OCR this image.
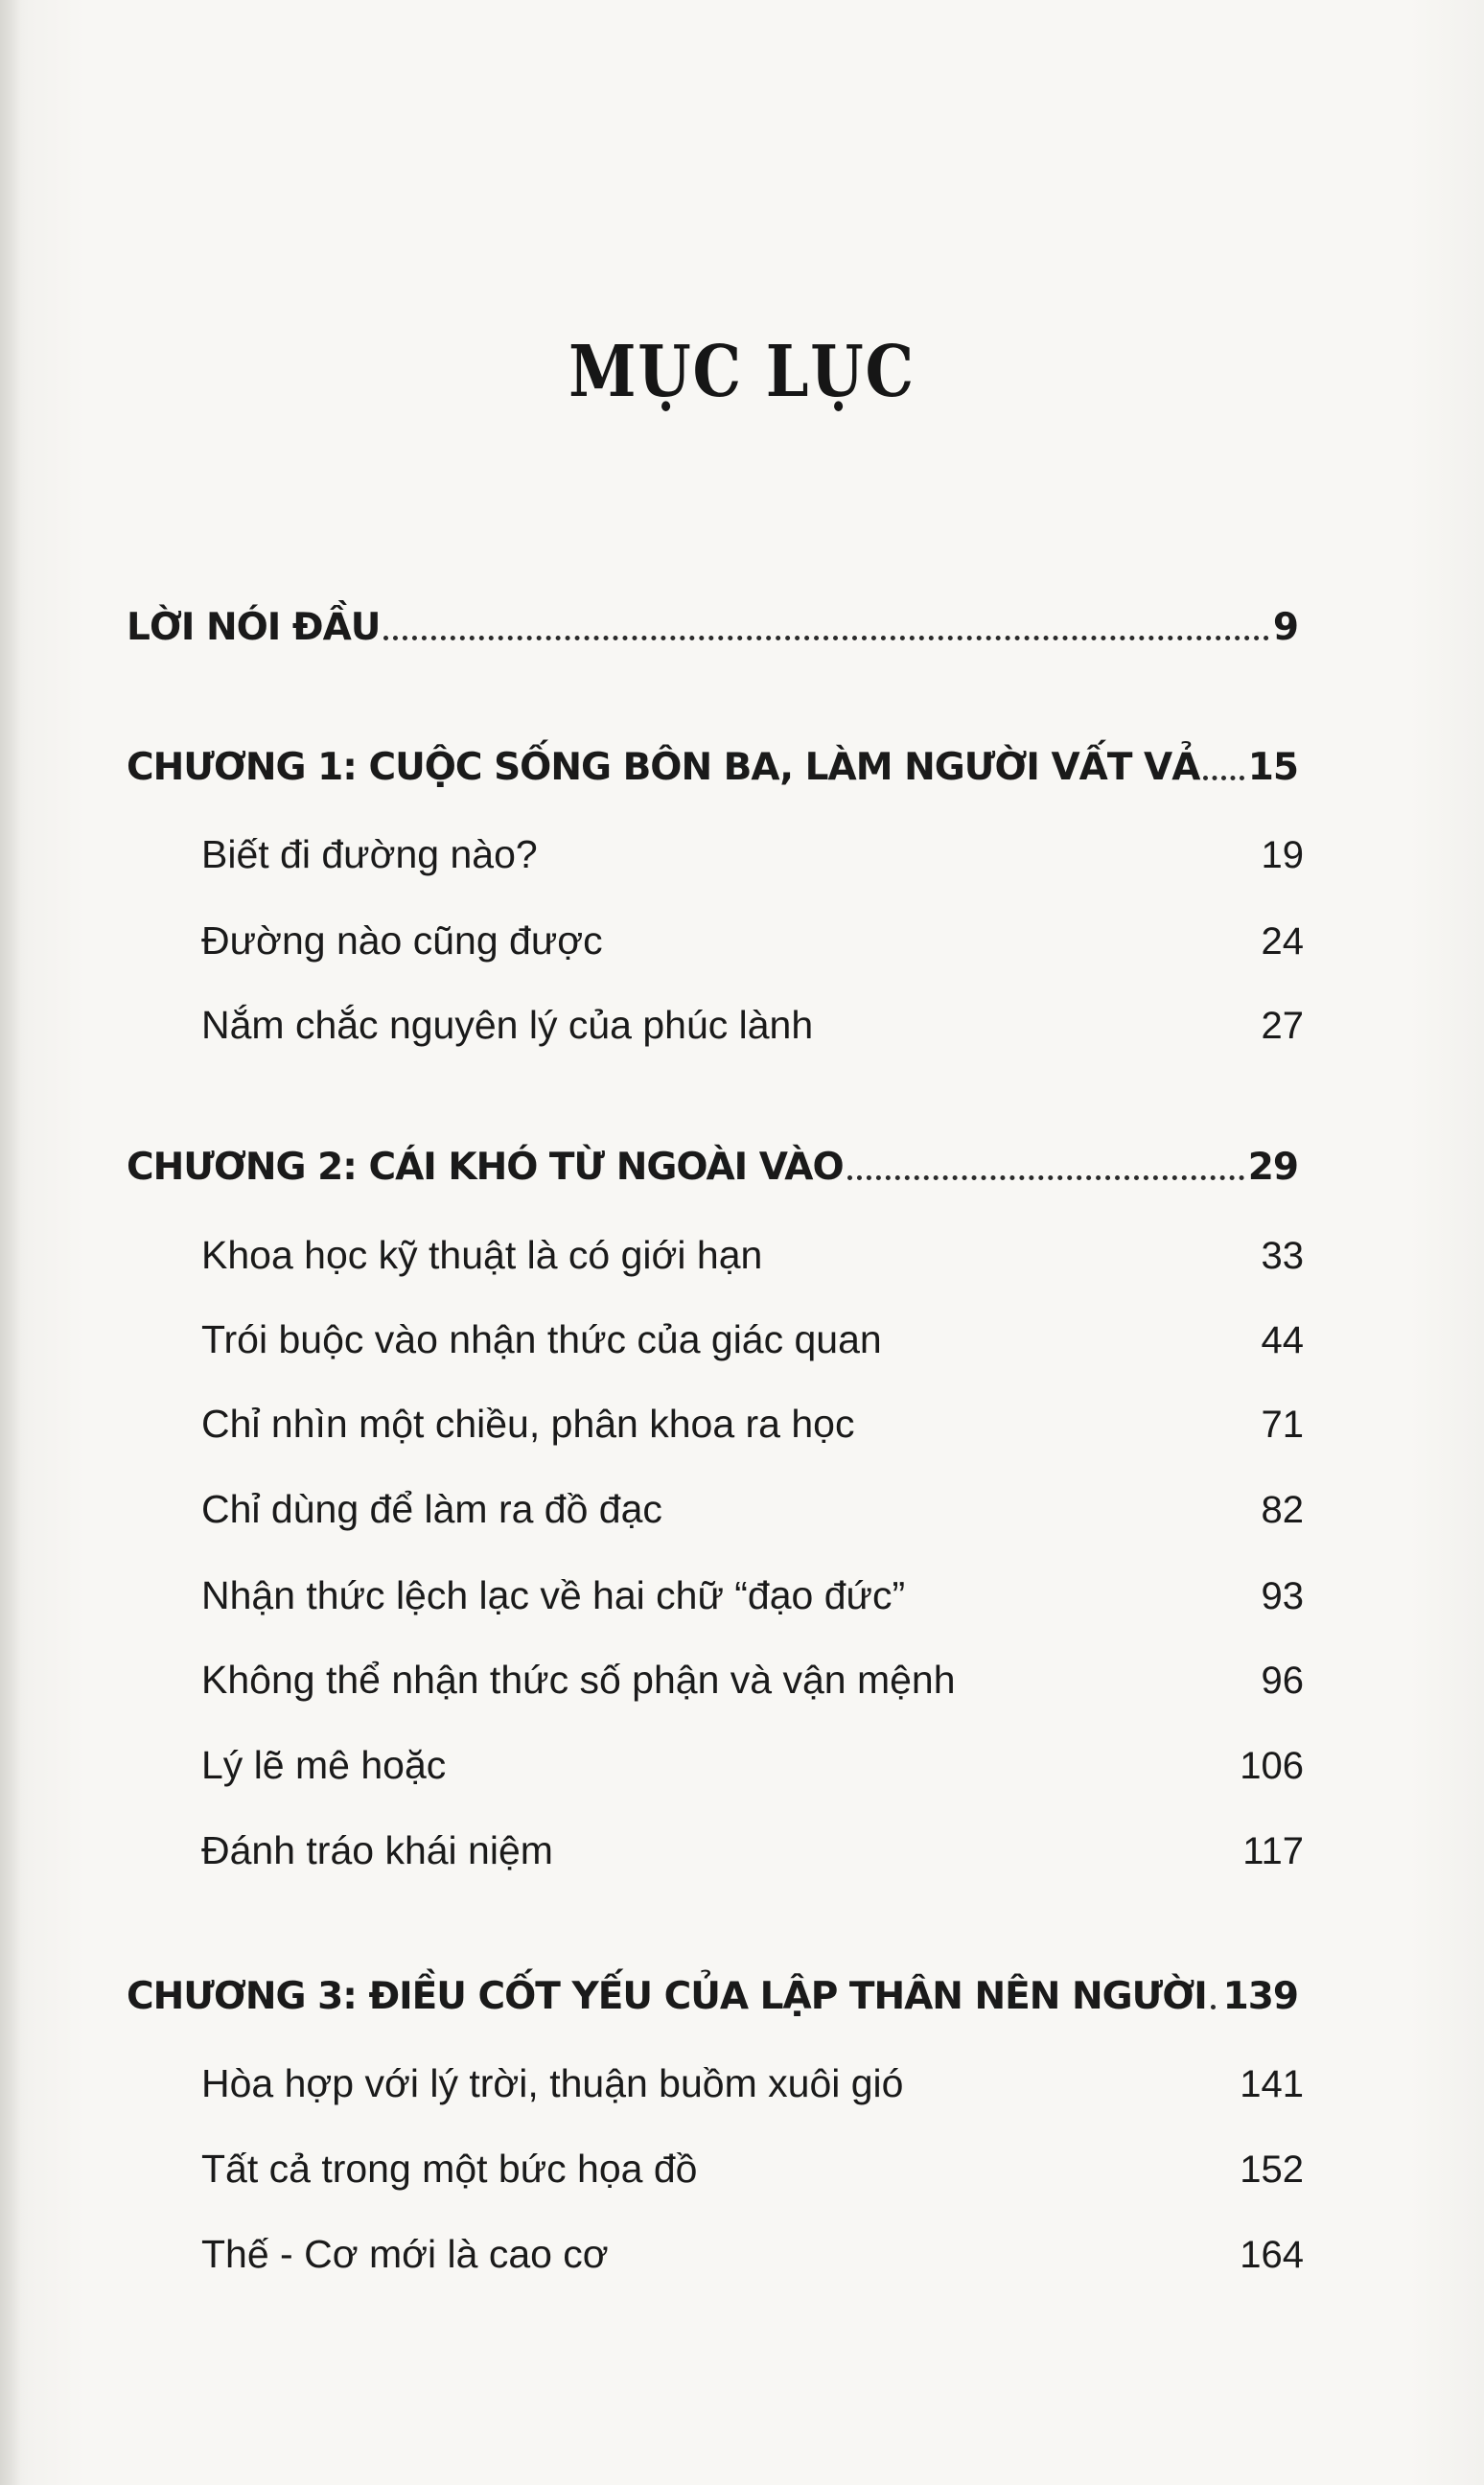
MỤC LỤC
LỜI NÓI ĐẦU	9
CHƯƠNG 1: CUỘC SỐNG BÔN BA, LÀM NGƯỜI VẤT VẢ 15
Biết đi đường nào?	19
Đường nào cũng được	24
Nắm chắc nguyên lý của phúc lành	27
CHƯƠNG 2: CÁI KHÓ TỪ NGOÀI VÀO	29
Khoa học kỹ thuật là có giới hạn	33
Trói buộc vào nhận thức của giác quan	44
Chỉ nhìn một chiều, phân khoa ra học	71
Chỉ dùng để làm ra đồ đạc	82
Nhận thức lệch lạc về hai chữ “đạo đức”	93
Không thể nhận thức số phận và vận mệnh	96
Lý lẽ mê hoặc	106
Đánh tráo khái niệm	117
CHƯƠNG 3: ĐIỀU CỐT YẾU CỦA LẬP THÂN NÊN NGƯỜI 139
Hòa hợp với lý trời, thuận buồm xuôi gió	141
Tất cả trong một bức họa đồ	152
Thế - Cơ mới là cao cơ	164
